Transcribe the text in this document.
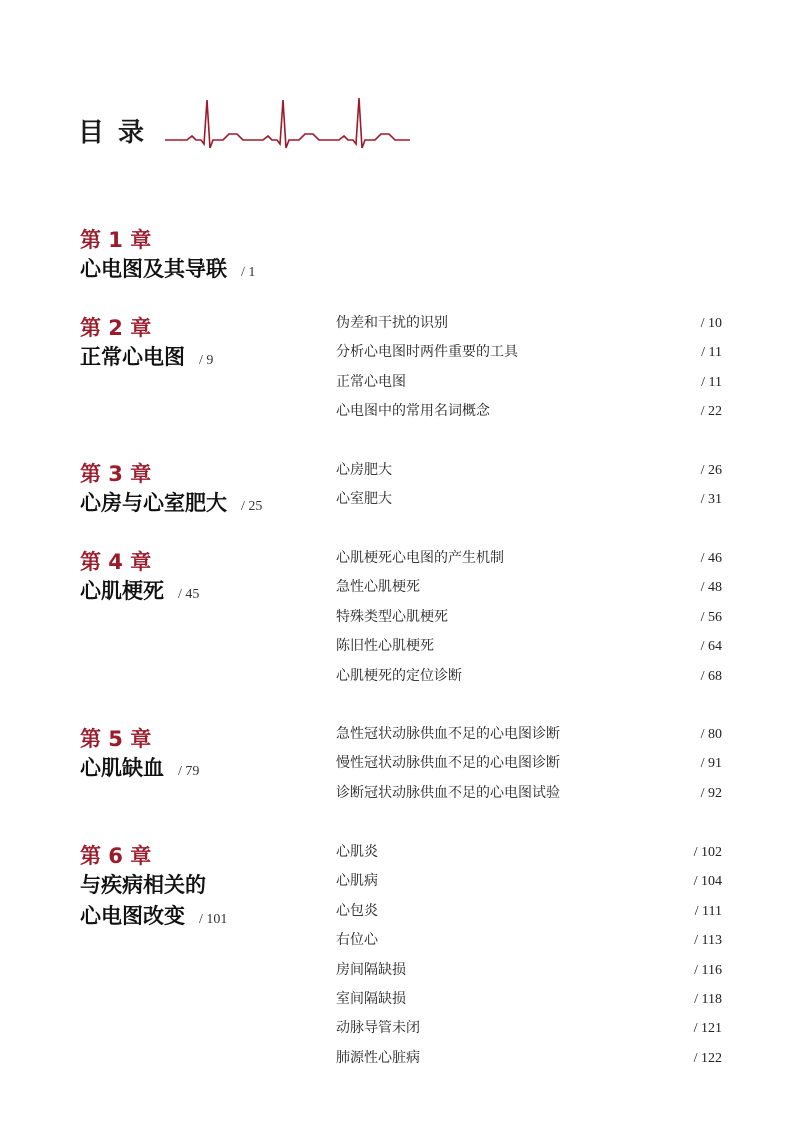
目录
第 1 章
心电图及其导联 / 1
第 2 章
正常心电图 / 9
伪差和干扰的识别	/ 10
分析心电图时两件重要的工具	/ 11
正常心电图	/ 11
心电图中的常用名词概念	/ 22
第 3 章
心房与心室肥大 / 25
心房肥大	/ 26
心室肥大	/ 31
第 4 章
心肌梗死 / 45
心肌梗死心电图的产生机制	/ 46
急性心肌梗死	/ 48
特殊类型心肌梗死	/ 56
陈旧性心肌梗死	/ 64
心肌梗死的定位诊断	/ 68
第 5 章
心肌缺血 / 79
急性冠状动脉供血不足的心电图诊断	/ 80
慢性冠状动脉供血不足的心电图诊断	/ 91
诊断冠状动脉供血不足的心电图试验	/ 92
第 6 章
与疾病相关的
心电图改变 / 101
心肌炎	/ 102
心肌病	/ 104
心包炎	/ 111
右位心	/ 113
房间隔缺损	/ 116
室间隔缺损	/ 118
动脉导管未闭	/ 121
肺源性心脏病	/ 122
